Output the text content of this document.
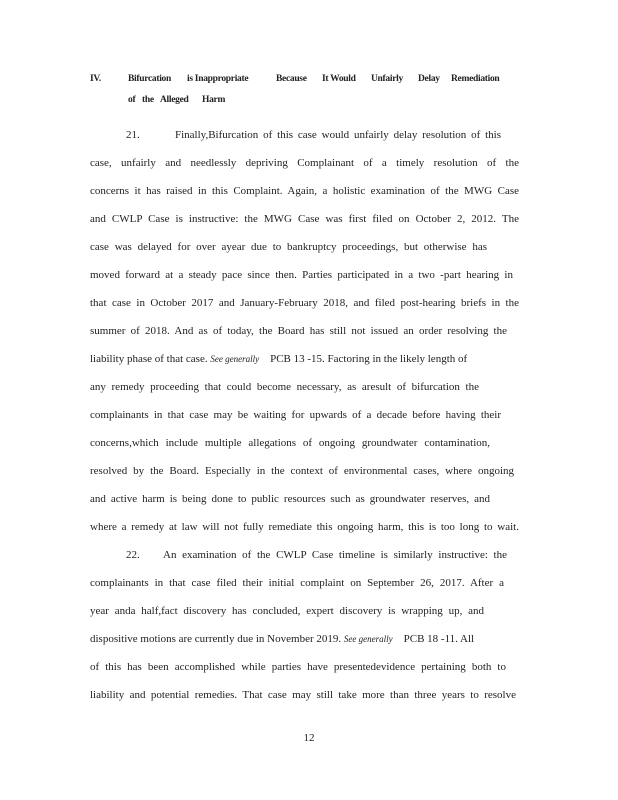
IV.	Bifurcation is Inappropriate	Because It Would Unfairly Delay Remediation
of the Alleged Harm
21.	Finally,Bifurcation of this case would unfairly delay resolution of this
case, unfairly and needlessly depriving Complainant of a timely resolution of the
concerns it has raised in this Complaint. Again, a holistic examination of the MWG Case
and CWLP Case is instructive: the MWG Case was first filed on October 2, 2012. The
case was delayed for over ayear due to bankruptcy proceedings, but otherwise has
moved forward at a steady pace since then. Parties participated in a two -part hearing in
that case in October 2017 and January-February 2018, and filed post-hearing briefs in the
summer of 2018. And as of today, the Board has still not issued an order resolving the
liability phase of that case. See generally PCB 13 -15. Factoring in the likely length of
any remedy proceeding that could become necessary, as aresult of bifurcation the
complainants in that case may be waiting for upwards of a decade before having their
concerns,which include multiple allegations of ongoing groundwater contamination,
resolved by the Board. Especially in the context of environmental cases, where ongoing
and active harm is being done to public resources such as groundwater reserves, and
where a remedy at law will not fully remediate this ongoing harm, this is too long to wait.
22. An examination of the CWLP Case timeline is similarly instructive: the
complainants in that case filed their initial complaint on September 26, 2017. After a
year anda half,fact discovery has concluded, expert discovery is wrapping up, and
dispositive motions are currently due in November 2019. See generally PCB 18 -11. All
of this has been accomplished while parties have presentedevidence pertaining both to
liability and potential remedies. That case may still take more than three years to resolve
12
